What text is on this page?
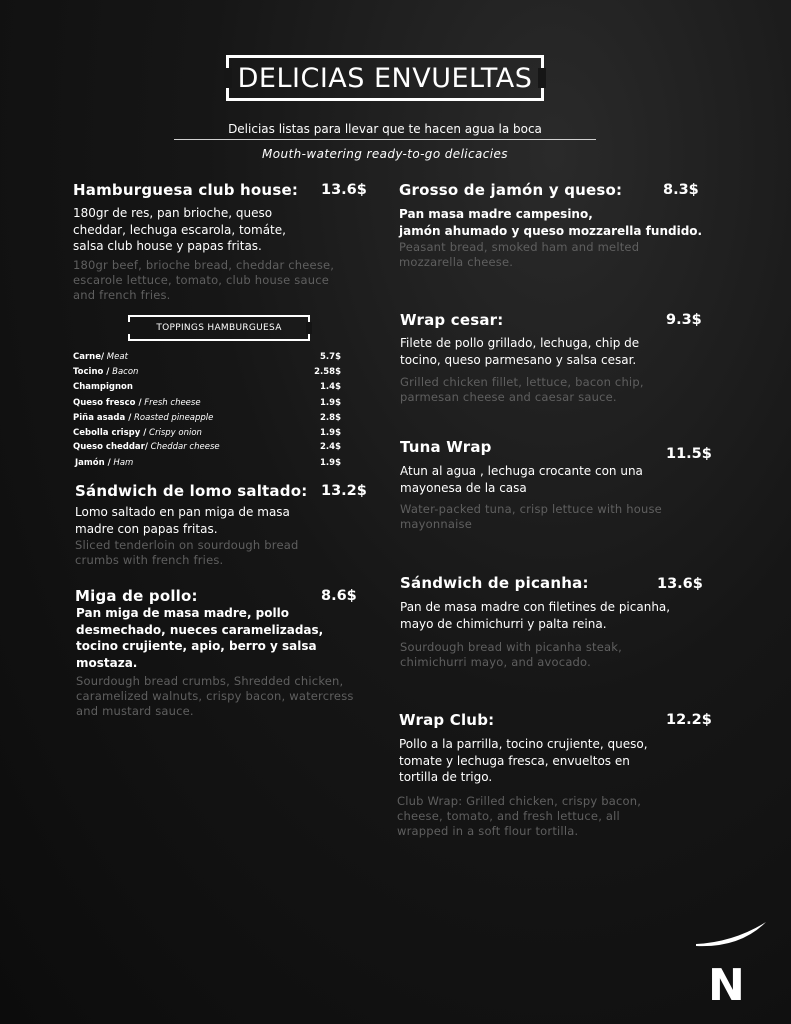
DELICIAS ENVUELTAS
Delicias listas para llevar que te hacen agua la boca
Mouth-watering ready-to-go delicacies
Hamburguesa club house: 13.6$
180gr de res, pan brioche, queso
cheddar, lechuga escarola, tomáte,
salsa club house y papas fritas.
180gr beef, brioche bread, cheddar cheese,
escarole lettuce, tomato, club house sauce
and french fries.
TOPPINGS HAMBURGUESA
Carne/ Meat	5.7$
Tocino / Bacon	2.58$
Champignon	1.4$
Queso fresco / Fresh cheese	1.9$
Piña asada / Roasted pineapple	2.8$
Cebolla crispy / Crispy onion	1.9$
Queso cheddar/ Cheddar cheese	2.4$
Jamón / Ham	1.9$
Sándwich de lomo saltado: 13.2$
Lomo saltado en pan miga de masa
madre con papas fritas.
Sliced tenderloin on sourdough bread
crumbs with french fries.
Miga de pollo:	8.6$
Pan miga de masa madre, pollo
desmechado, nueces caramelizadas,
tocino crujiente, apio, berro y salsa
mostaza.
Sourdough bread crumbs, Shredded chicken,
caramelized walnuts, crispy bacon, watercress
and mustard sauce.
Grosso de jamón y queso:	8.3$
Pan masa madre campesino,
jamón ahumado y queso mozzarella fundido.
Peasant bread, smoked ham and melted
mozzarella cheese.
Wrap cesar:	9.3$
Filete de pollo grillado, lechuga, chip de
tocino, queso parmesano y salsa cesar.
Grilled chicken fillet, lettuce, bacon chip,
parmesan cheese and caesar sauce.
Tuna Wrap	11.5$
Atun al agua , lechuga crocante con una
mayonesa de la casa
Water-packed tuna, crisp lettuce with house
mayonnaise
Sándwich de picanha:	13.6$
Pan de masa madre con filetines de picanha,
mayo de chimichurri y palta reina.
Sourdough bread with picanha steak,
chimichurri mayo, and avocado.
Wrap Club:	12.2$
Pollo a la parrilla, tocino crujiente, queso,
tomate y lechuga fresca, envueltos en
tortilla de trigo.
Club Wrap: Grilled chicken, crispy bacon,
cheese, tomato, and fresh lettuce, all
wrapped in a soft flour tortilla.
N
